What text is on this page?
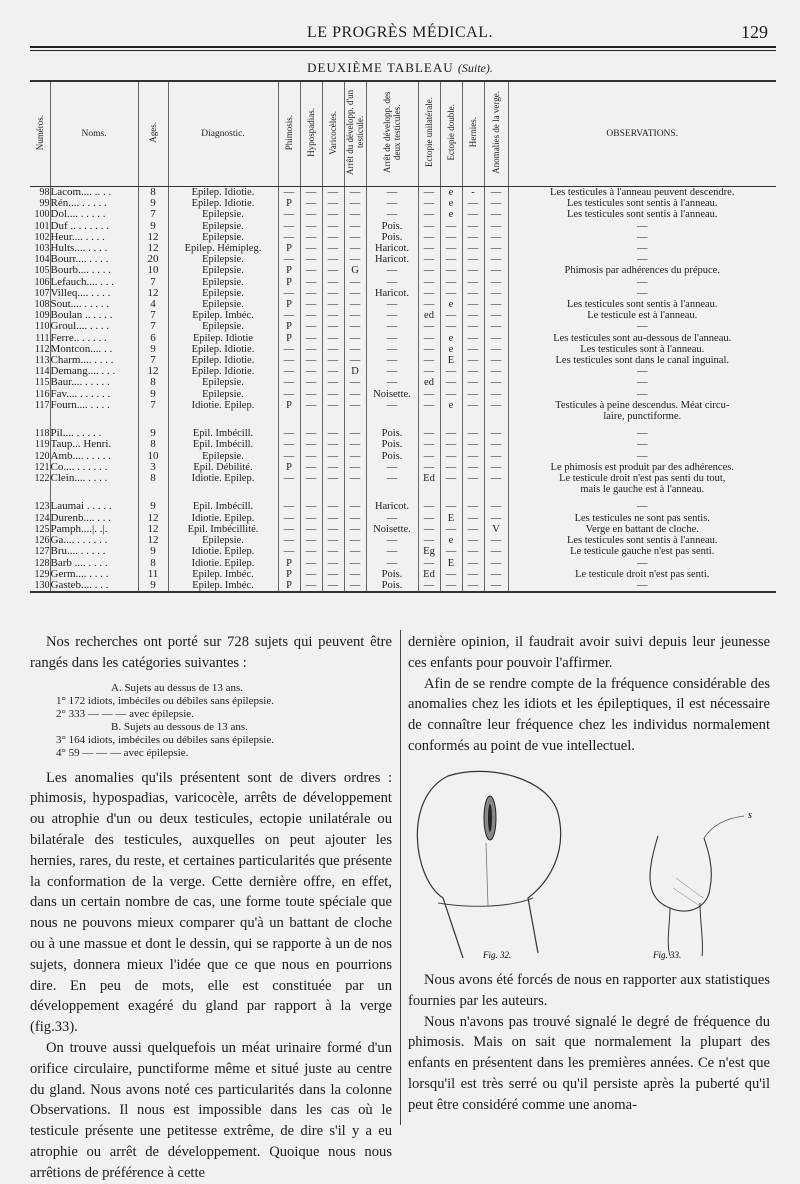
LE PROGRÈS MÉDICAL.	129
DEUXIÈME TABLEAU (Suite).
Numéros.	Noms.	Ages.	Diagnostic.	Phimosis.	Hypospadias.	Varicocèles.	Arrêt du développ. d'un testicule.	Arrêt de développ. des deux testicules.	Ectopie unilatérale.	Ectopie double.	Hernies.	Anomalies de la verge.	OBSERVATIONS.
98	Lacom.... .. . .	8	Epilep. Idiotie.	—	—	—	—	—	—	e	-	—	Les testicules à l'anneau peuvent descendre.
99	Rén.... . . . . .	9	Epilep. Idiotie.	P	—	—	—	—	—	e	—	—	Les testicules sont sentis à l'anneau.
100	Dol.... . . . . .	7	Epilepsie.	—	—	—	—	—	—	e	—	—	Les testicules sont sentis à l'anneau.
101	Duf .. . . . . . .	9	Epilepsie.	—	—	—	—	Pois.	—	—	—	—	—
102	Heur.... . . . .	12	Epilepsie.	—	—	—	—	Pois.	—	—	—	—	—
103	Hults.... . . . .	12	Epilep. Hémipleg.	P	—	—	—	Haricot.	—	—	—	—	—
104	Bourr.... . . . .	20	Epilepsie.	—	—	—	—	Haricot.	—	—	—	—	—
105	Bourb.... . . . .	10	Epilepsie.	P	—	—	G	—	—	—	—	—	Phimosis par adhérences du prépuce.
106	Lefauch.... . . .	7	Epilepsie.	P	—	—	—	—	—	—	—	—	—
107	Villeq.... . . . .	12	Epilepsie.	—	—	—	—	Haricot.	—	—	—	—	—
108	Sout.... . . . . .	4	Epilepsie.	P	—	—	—	—	—	e	—	—	Les testicules sont sentis à l'anneau.
109	Boulan .. . . . .	7	Epilep. Imbéc.	—	—	—	—	—	ed	—	—	—	Le testicule est à l'anneau.
110	Groul.... . . . .	7	Epilepsie.	P	—	—	—	—	—	—	—	—	—
111	Ferre.. . . . . .	6	Epilep. Idiotie	P	—	—	—	—	—	e	—	—	Les testicules sont au-dessous de l'anneau.
112	Montcon.... . .	9	Epilep. Idiotie.	—	—	—	—	—	—	e	—	—	Les testicules sont à l'anneau.
113	Charm.... . . . .	7	Epilep. Idiotie.	—	—	—	—	—	—	E	—	—	Les testicules sont dans le canal inguinal.
114	Demang.... . . .	12	Epilep. Idiotie.	—	—	—	D	—	—	—	—	—	—
115	Baur.... . . . . .	8	Epilepsie.	—	—	—	—	—	ed	—	—	—	—
116	Fav.... . . . . . .	9	Epilepsie.	—	—	—	—	Noisette.	—	—	—	—	—
117	Fourn.... . . . .	7	Idiotie. Epilep.	P	—	—	—	—	—	e	—	—	Testicules à peine descendus. Méat circu-
													laire, punctiforme.

118	Pil.... . . . . .	9	Epil. Imbécill.	—	—	—	—	Pois.	—	—	—	—	—
119	Taup... Henri.	8	Epil. Imbécill.	—	—	—	—	Pois.	—	—	—	—	—
120	Amb.... . . . . .	10	Epilepsie.	—	—	—	—	Pois.	—	—	—	—	—
121	Co.... . . . . . .	3	Epil. Débilité.	P	—	—	—	—	—	—	—	—	Le phimosis est produit par des adhérences.
122	Clein.... . . . .	8	Idiotie. Epilep.	—	—	—	—	—	Ed	—	—	—	Le testicule droit n'est pas senti du tout,
													mais le gauche est à l'anneau.

123	Laumai . . . . .	9	Epil. Imbécill.	—	—	—	—	Haricot.	—	—	—	—	—
124	Durenb.... . . .	12	Idiotie. Epilep.	—	—	—	—	—	—	E	—	—	Les testicules ne sont pas sentis.
125	Pamph....|. .|.	12	Epil. Imbécillité.	—	—	—	—	Noisette.	—	—	—	V	Verge en battant de cloche.
126	Ga.... . . . . . .	12	Epilepsie.	—	—	—	—	—	—	e	—	—	Les testicules sont sentis à l'anneau.
127	Bru.... . . . . .	9	Idiotie. Epilep.	—	—	—	—	—	Eg	—	—	—	Le testicule gauche n'est pas senti.
128	Barb .... . . . .	8	Idiotie. Epilep.	P	—	—	—	—	—	E	—	—	—
129	Germ.... . . . .	11	Epilep. Imbéc.	P	—	—	—	Pois.	Ed	—	—	—	Le testicule droit n'est pas senti.
130	Gasteb.... . . .	9	Epilep. Imbéc.	P	—	—	—	Pois.	—	—	—	—	—

Nos recherches ont porté sur 728 sujets qui peuvent être rangés dans les catégories suivantes :

A. Sujets au dessus de 13 ans.
1° 172 idiots, imbéciles ou débiles sans épilepsie.
2° 333 — — — avec épilepsie.
B. Sujets au dessous de 13 ans.
3° 164 idiots, imbéciles ou débiles sans épilepsie.
4° 59 — — — avec épilepsie.

Les anomalies qu'ils présentent sont de divers ordres : phimosis, hypospadias, varicocèle, arrêts de développement ou atrophie d'un ou deux testicules, ectopie unilatérale ou bilatérale des testicules, auxquelles on peut ajouter les hernies, rares, du reste, et certaines particularités que présente la conformation de la verge. Cette dernière offre, en effet, dans un certain nombre de cas, une forme toute spéciale que nous ne pouvons mieux comparer qu'à un battant de cloche ou à une massue et dont le dessin, qui se rapporte à un de nos sujets, donnera mieux l'idée que ce que nous en pourrions dire. En peu de mots, elle est constituée par un développement exagéré du gland par rapport à la verge (fig.33).

On trouve aussi quelquefois un méat urinaire formé d'un orifice circulaire, punctiforme même et situé juste au centre du gland. Nous avons noté ces particularités dans la colonne Observations. Il nous est impossible dans les cas où le testicule présente une petitesse extrême, de dire s'il y a eu atrophie ou arrêt de développement. Quoique nous nous arrêtions de préférence à cette

dernière opinion, il faudrait avoir suivi depuis leur jeunesse ces enfants pour pouvoir l'affirmer.

Afin de se rendre compte de la fréquence considérable des anomalies chez les idiots et les épileptiques, il est nécessaire de connaître leur fréquence chez les individus normalement conformés au point de vue intellectuel.

Fig. 32.
s
Fig. 33.

Nous avons été forcés de nous en rapporter aux statistiques fournies par les auteurs.

Nous n'avons pas trouvé signalé le degré de fréquence du phimosis. Mais on sait que normalement la plupart des enfants en présentent dans les premières années. Ce n'est que lorsqu'il est très serré ou qu'il persiste après la puberté qu'il peut être considéré comme une anoma-
